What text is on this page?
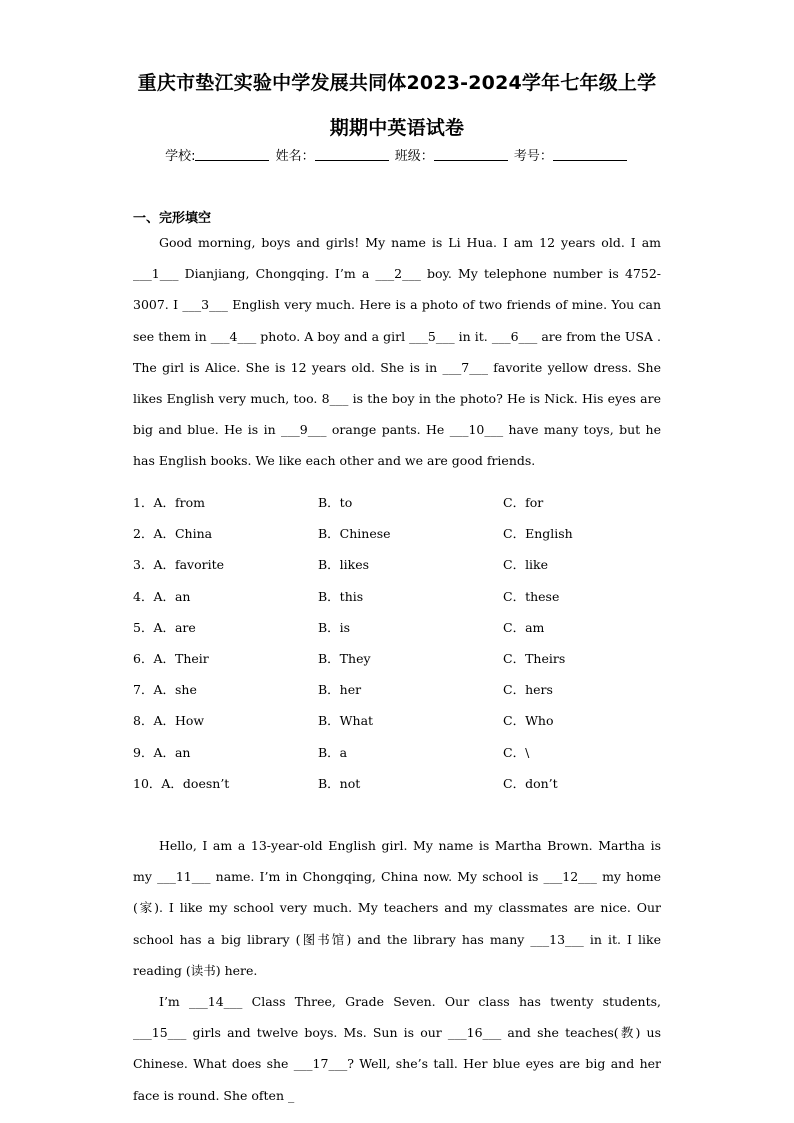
重庆市垫江实验中学发展共同体2023-2024学年七年级上学
期期中英语试卷
学校:	姓名：	班级：	考号：
一、完形填空

Good morning, boys and girls! My name is Li Hua. I am 12 years old. I am ___1___ Dianjiang, Chongqing. I’m a ___2___ boy. My telephone number is 4752-3007. I ___3___ English very much. Here is a photo of two friends of mine. You can see them in ___4___ photo. A boy and a girl ___5___ in it. ___6___ are from the USA . The girl is Alice. She is 12 years old. She is in ___7___ favorite yellow dress. She likes English very much, too. 8___ is the boy in the photo? He is Nick. His eyes are big and blue. He is in ___9___ orange pants. He ___10___ have many toys, but he has English books. We like each other and we are good friends.

1．A．from	B．to	C．for
2．A．China	B．Chinese	C．English
3．A．favorite	B．likes	C．like
4．A．an	B．this	C．these
5．A．are	B．is	C．am
6．A．Their	B．They	C．Theirs
7．A．she	B．her	C．hers
8．A．How	B．What	C．Who
9．A．an	B．a	C．\
10．A．doesn’t	B．not	C．don’t

Hello, I am a 13-year-old English girl. My name is Martha Brown. Martha is my ___11___ name. I’m in Chongqing, China now. My school is ___12___ my home (家). I like my school very much. My teachers and my classmates are nice. Our school has a big library (图书馆) and the library has many ___13___ in it. I like reading (读书) here.

I’m ___14___ Class Three, Grade Seven. Our class has twenty students, ___15___ girls and twelve boys. Ms. Sun is our ___16___ and she teaches(教) us Chinese. What does she ___17___? Well, she’s tall. Her blue eyes are big and her face is round. She often _
